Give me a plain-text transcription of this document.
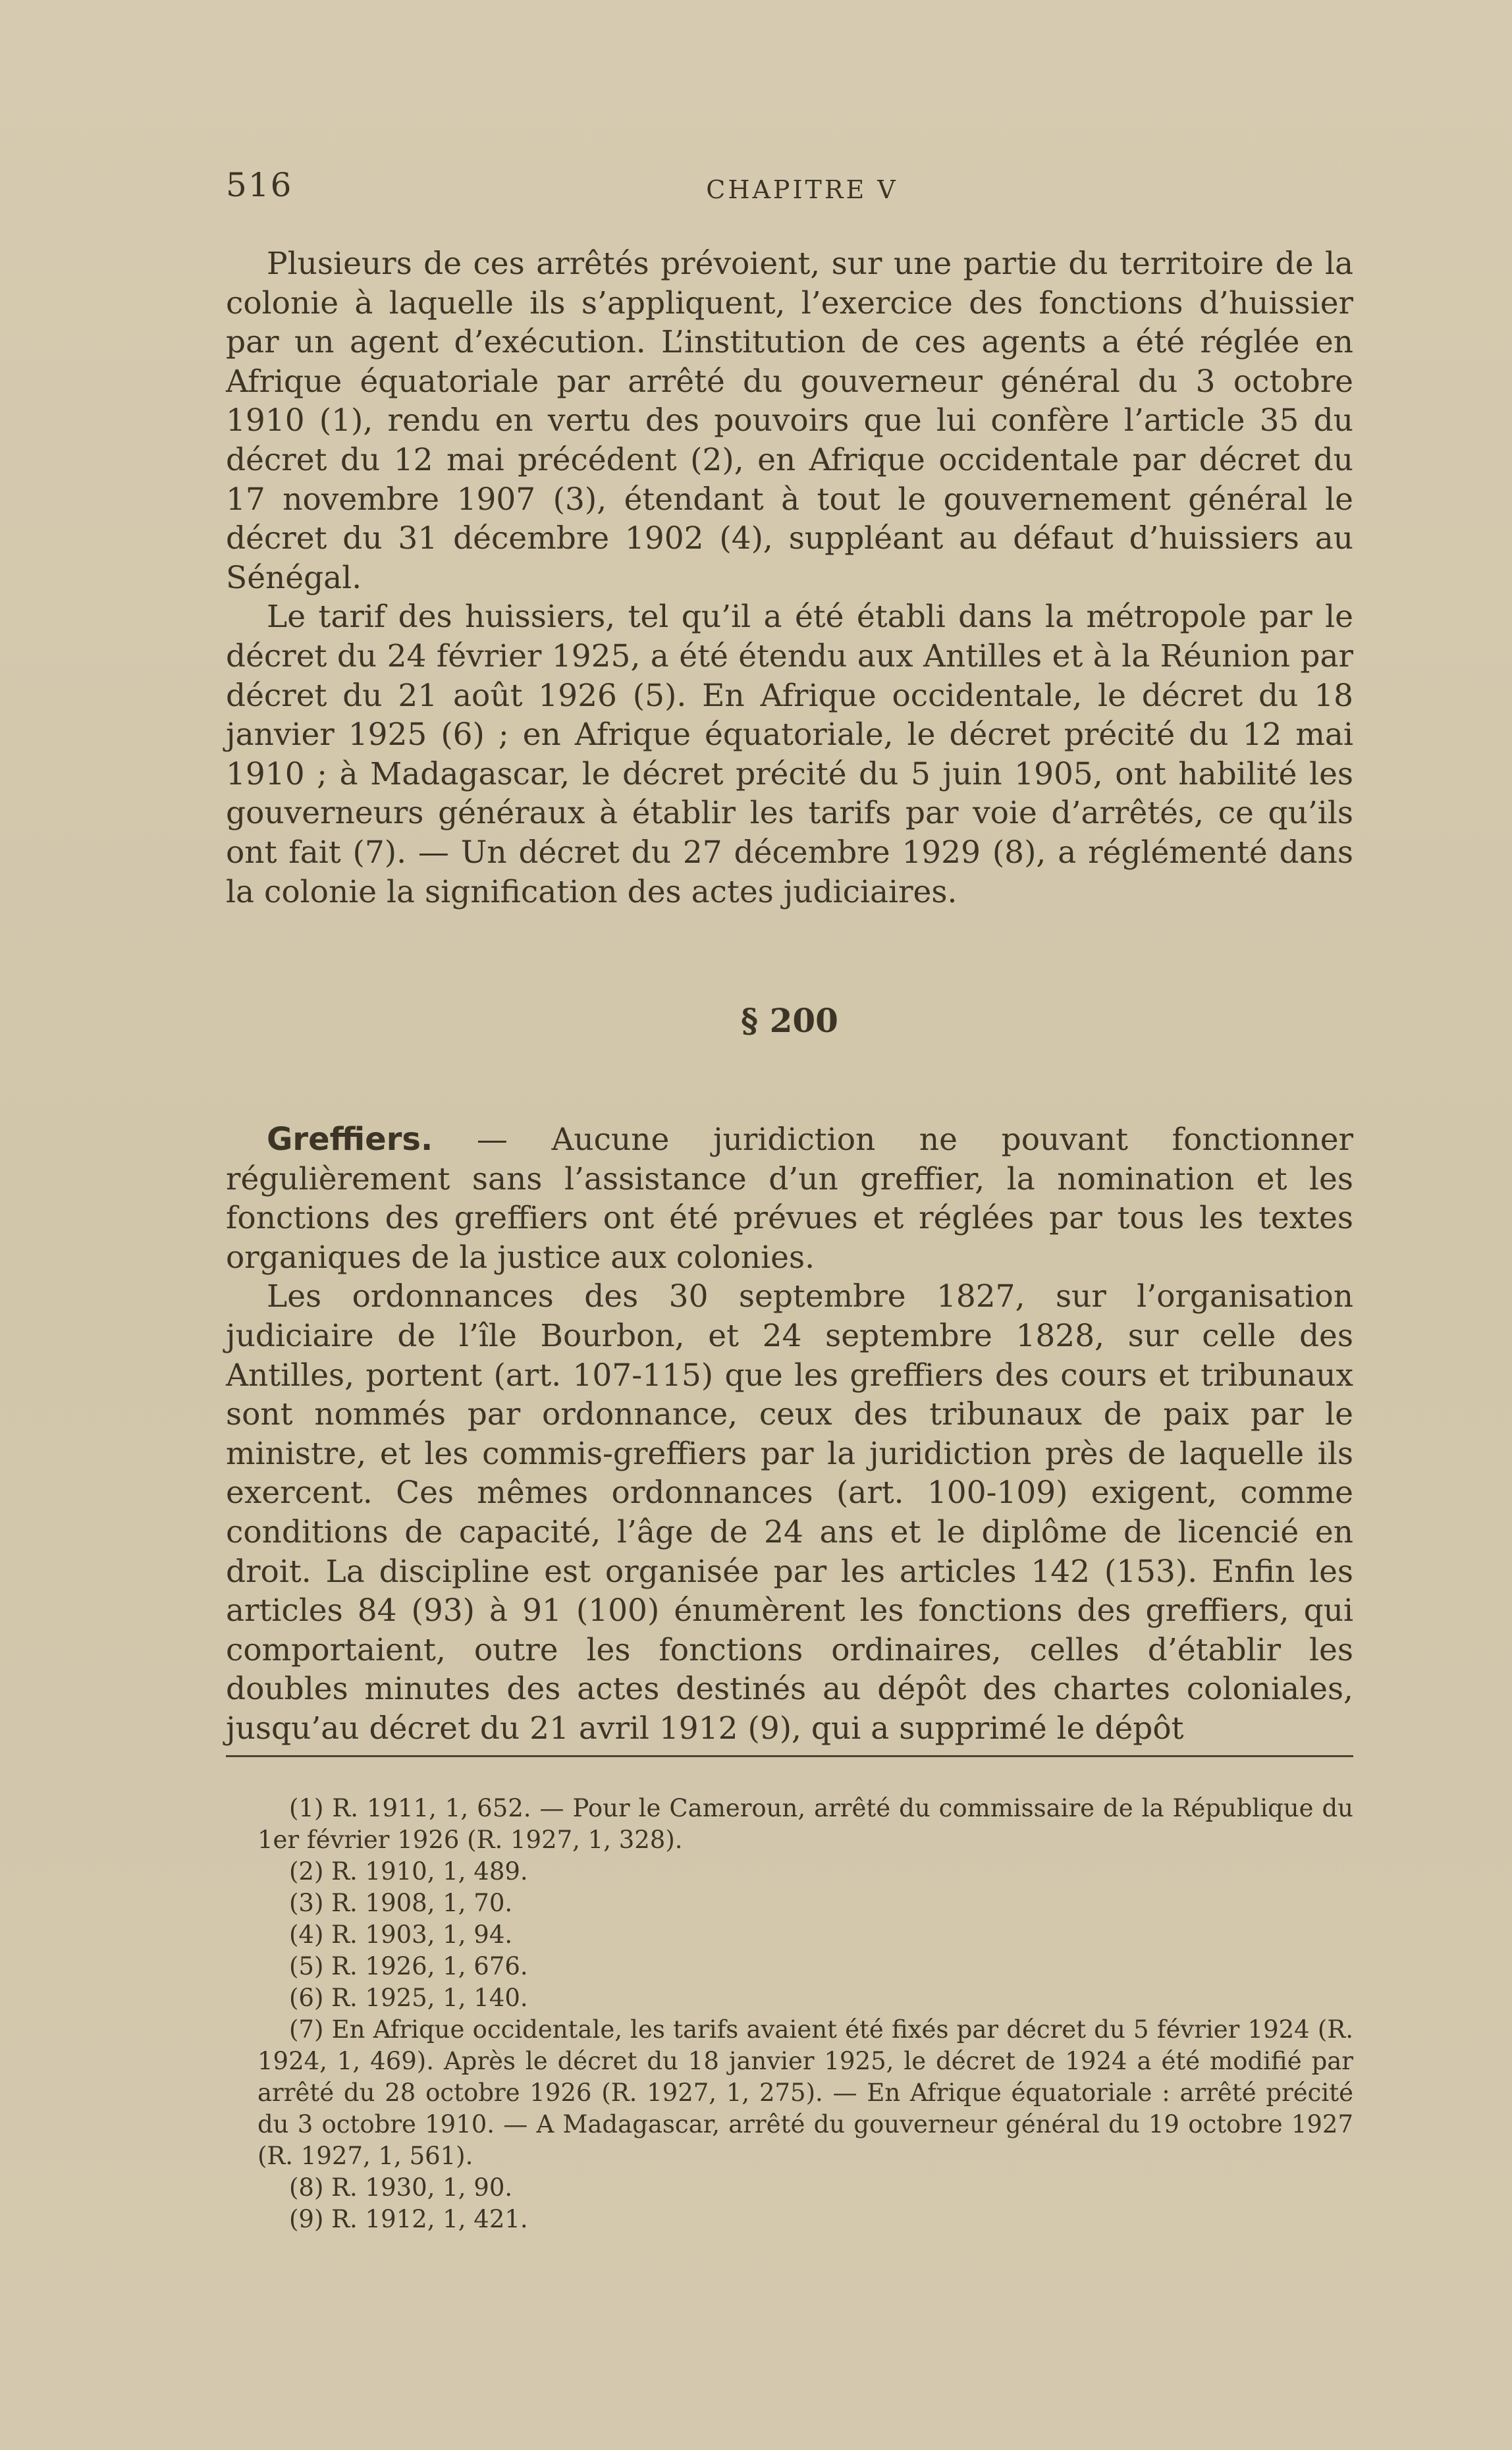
516	CHAPITRE V

Plusieurs de ces arrêtés prévoient, sur une partie du territoire de la colonie à laquelle ils s’appliquent, l’exercice des fonctions d’huissier par un agent d’exécution. L’institution de ces agents a été réglée en Afrique équatoriale par arrêté du gouverneur général du 3 octobre 1910 (1), rendu en vertu des pouvoirs que lui confère l’article 35 du décret du 12 mai précédent (2), en Afrique occidentale par décret du 17 novembre 1907 (3), étendant à tout le gouvernement général le décret du 31 décembre 1902 (4), suppléant au défaut d’huissiers au Sénégal.

Le tarif des huissiers, tel qu’il a été établi dans la métropole par le décret du 24 février 1925, a été étendu aux Antilles et à la Réunion par décret du 21 août 1926 (5). En Afrique occidentale, le décret du 18 janvier 1925 (6) ; en Afrique équatoriale, le décret précité du 12 mai 1910 ; à Madagascar, le décret précité du 5 juin 1905, ont habilité les gouverneurs généraux à établir les tarifs par voie d’arrêtés, ce qu’ils ont fait (7). — Un décret du 27 décembre 1929 (8), a réglémenté dans la colonie la signification des actes judiciaires.

§ 200

Greffiers. — Aucune juridiction ne pouvant fonctionner régulièrement sans l’assistance d’un greffier, la nomination et les fonctions des greffiers ont été prévues et réglées par tous les textes organiques de la justice aux colonies.

Les ordonnances des 30 septembre 1827, sur l’organisation judiciaire de l’île Bourbon, et 24 septembre 1828, sur celle des Antilles, portent (art. 107-115) que les greffiers des cours et tribunaux sont nommés par ordonnance, ceux des tribunaux de paix par le ministre, et les commis-greffiers par la juridiction près de laquelle ils exercent. Ces mêmes ordonnances (art. 100-109) exigent, comme conditions de capacité, l’âge de 24 ans et le diplôme de licencié en droit. La discipline est organisée par les articles 142 (153). Enfin les articles 84 (93) à 91 (100) énumèrent les fonctions des greffiers, qui comportaient, outre les fonctions ordinaires, celles d’établir les doubles minutes des actes destinés au dépôt des chartes coloniales, jusqu’au décret du 21 avril 1912 (9), qui a supprimé le dépôt

(1) R. 1911, 1, 652. — Pour le Cameroun, arrêté du commissaire de la République du 1er février 1926 (R. 1927, 1, 328).

(2) R. 1910, 1, 489.

(3) R. 1908, 1, 70.

(4) R. 1903, 1, 94.

(5) R. 1926, 1, 676.

(6) R. 1925, 1, 140.

(7) En Afrique occidentale, les tarifs avaient été fixés par décret du 5 février 1924 (R. 1924, 1, 469). Après le décret du 18 janvier 1925, le décret de 1924 a été modifié par arrêté du 28 octobre 1926 (R. 1927, 1, 275). — En Afrique équatoriale : arrêté précité du 3 octobre 1910. — A Madagascar, arrêté du gouverneur général du 19 octobre 1927 (R. 1927, 1, 561).

(8) R. 1930, 1, 90.

(9) R. 1912, 1, 421.
